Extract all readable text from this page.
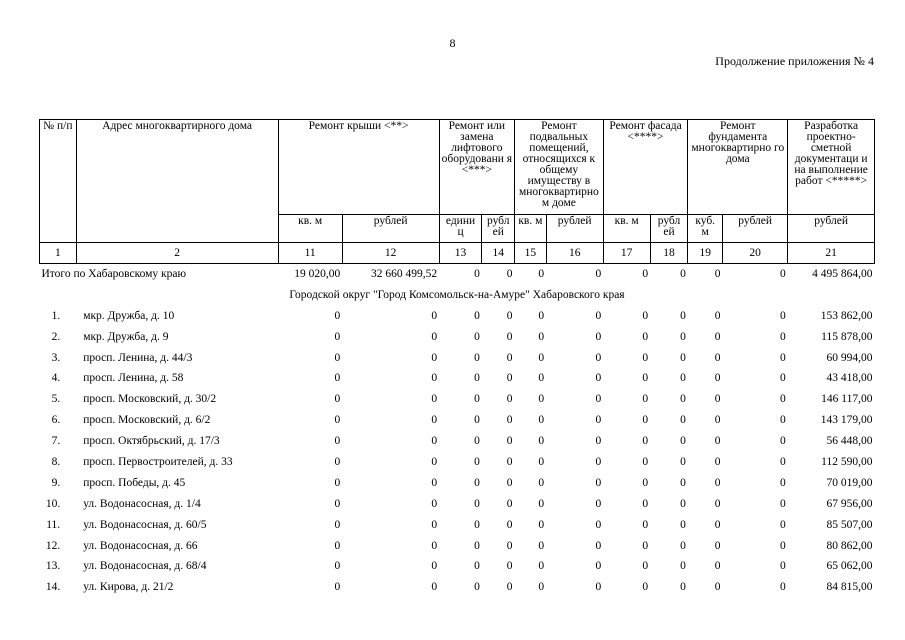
8
Продолжение приложения № 4
№ п/п	Адрес многоквартирного дома	Ремонт крыши <**>		Ремонт или замена лифтового оборудовани я <***>		Ремонт подвальных помещений, относящихся к общему имуществу в многоквартирном доме		Ремонт фасада <****>		Ремонт фундамента многоквартирно го дома		Разработка проектно-сметной документаци и на выполнение работ <*****>
		кв. м	рублей	едини ц	рубл ей	кв. м	рублей	кв. м	рубл ей	куб. м	рублей	рублей
1	2	11	12	13	14	15	16	17	18	19	20	21
Итого по Хабаровскому краю		19 020,00	32 660 499,52	0	0	0	0	0	0	0	0	4 495 864,00
Городской округ "Город Комсомольск-на-Амуре" Хабаровского края												
1.	мкр. Дружба, д. 10	0	0	0	0	0	0	0	0	0	0	153 862,00
2.	мкр. Дружба, д. 9	0	0	0	0	0	0	0	0	0	0	115 878,00
3.	просп. Ленина, д. 44/3	0	0	0	0	0	0	0	0	0	0	60 994,00
4.	просп. Ленина, д. 58	0	0	0	0	0	0	0	0	0	0	43 418,00
5.	просп. Московский, д. 30/2	0	0	0	0	0	0	0	0	0	0	146 117,00
6.	просп. Московский, д. 6/2	0	0	0	0	0	0	0	0	0	0	143 179,00
7.	просп. Октябрьский, д. 17/3	0	0	0	0	0	0	0	0	0	0	56 448,00
8.	просп. Первостроителей, д. 33	0	0	0	0	0	0	0	0	0	0	112 590,00
9.	просп. Победы, д. 45	0	0	0	0	0	0	0	0	0	0	70 019,00
10.	ул. Водонасосная, д. 1/4	0	0	0	0	0	0	0	0	0	0	67 956,00
11.	ул. Водонасосная, д. 60/5	0	0	0	0	0	0	0	0	0	0	85 507,00
12.	ул. Водонасосная, д. 66	0	0	0	0	0	0	0	0	0	0	80 862,00
13.	ул. Водонасосная, д. 68/4	0	0	0	0	0	0	0	0	0	0	65 062,00
14.	ул. Кирова, д. 21/2	0	0	0	0	0	0	0	0	0	0	84 815,00
